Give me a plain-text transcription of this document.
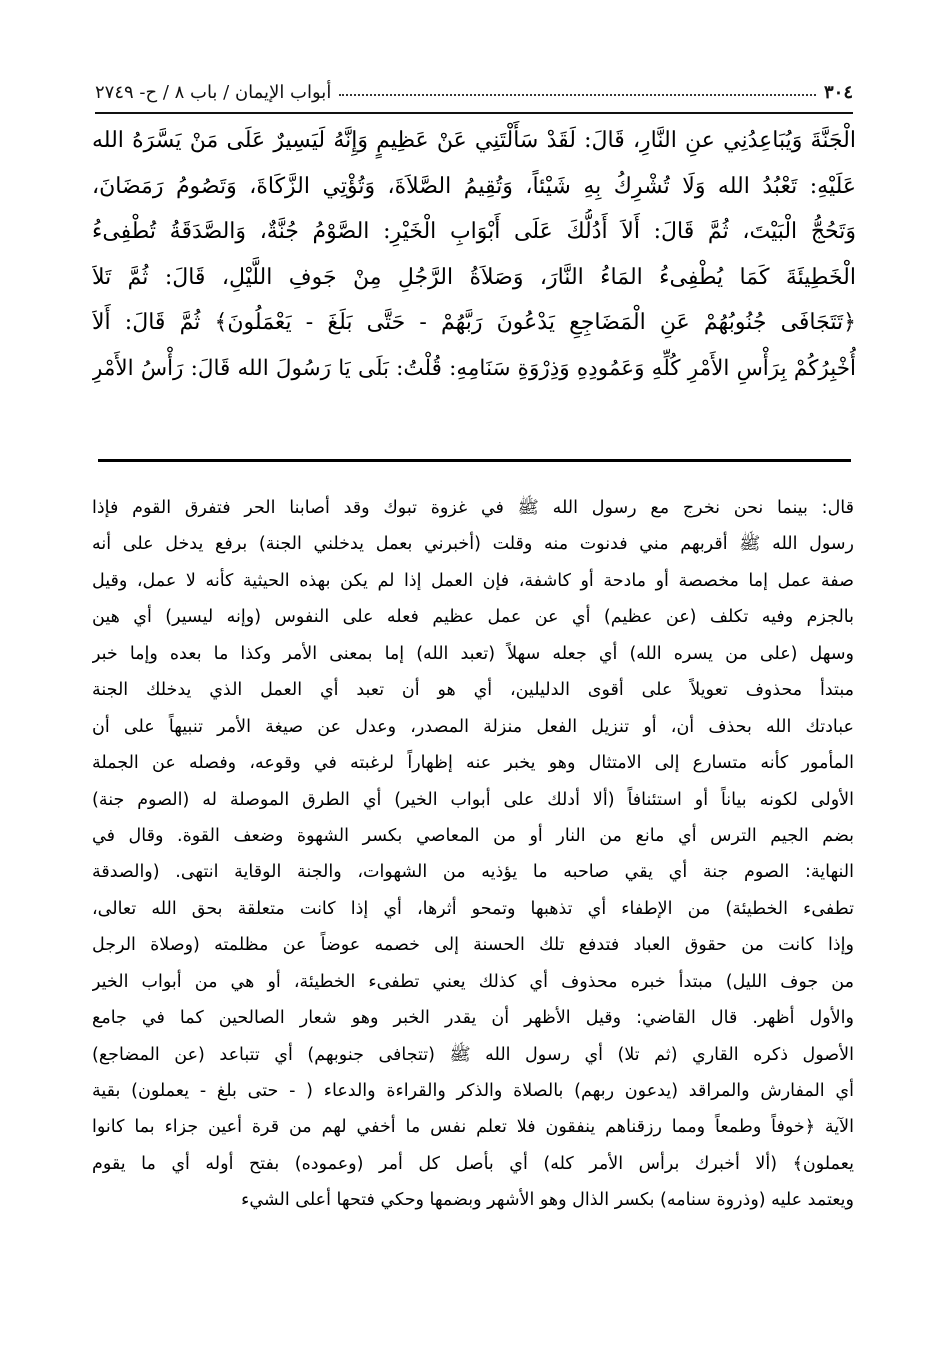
٣٠٤
أبواب الإيمان / باب ٨ / ح- ٢٧٤٩
الْجَنَّةَ وَيُبَاعِدُنِي عنِ النَّارِ، قَالَ: لَقَدْ سَأَلْتَنِي عَنْ عَظِيمٍ وَإِنَّهُ لَيَسِيرٌ عَلَى مَنْ يَسَّرَهُ الله
عَلَيْهِ: تَعْبُدُ الله وَلَا تُشْرِكُ بِهِ شَيْئاً، وَتُقِيمُ الصَّلاَةَ، وَتُؤْتِي الزَّكَاةَ، وَتَصُومُ رَمَضَانَ،
وَتَحُجُّ الْبَيْتَ، ثُمَّ قَالَ: أَلاَ أَدُلُّكَ عَلَى أَبْوَابِ الْخَيْرِ: الصَّوْمُ جُنَّةٌ، وَالصَّدَقَةُ تُطْفِىءُ
الْخَطِيئَةَ كَمَا يُطْفِىءُ المَاءُ النَّارَ، وَصَلاَةُ الرَّجُلِ مِنْ جَوفِ اللَّيْلِ، قَالَ: ثُمَّ تَلاَ
﴿تَتَجَافَى جُنُوبُهُمْ عَنِ الْمَضَاجِعِ يَدْعُونَ رَبَّهُمْ - حَتَّى بَلَغَ - يَعْمَلُونَ﴾ ثُمَّ قَالَ: أَلاَ
أُخْبِرُكُمْ بِرَأْسِ الأَمْرِ كُلِّهِ وَعَمُودِهِ وَذِرْوَةِ سَنَامِهِ: قُلْتُ: بَلَى يَا رَسُولَ الله قَالَ: رَأْسُ الأَمْرِ
قال: بينما نحن نخرج مع رسول الله ﷺ في غزوة تبوك وقد أصابنا الحر فتفرق القوم فإذا
رسول الله ﷺ أقربهم مني فدنوت منه وقلت (أخبرني بعمل يدخلني الجنة) برفع يدخل على أنه
صفة عمل إما مخصصة أو مادحة أو كاشفة، فإن العمل إذا لم يكن بهذه الحيثية كأنه لا عمل، وقيل
بالجزم وفيه تكلف (عن عظيم) أي عن عمل عظيم فعله على النفوس (وإنه ليسير) أي هين
وسهل (على من يسره الله) أي جعله سهلاً (تعبد الله) إما بمعنى الأمر وكذا ما بعده وإما خبر
مبتدأ محذوف تعويلاً على أقوى الدليلين، أي هو أن تعبد أي العمل الذي يدخلك الجنة
عبادتك الله بحذف أن، أو تنزيل الفعل منزلة المصدر، وعدل عن صيغة الأمر تنبيهاً على أن
المأمور كأنه متسارع إلى الامتثال وهو يخبر عنه إظهاراً لرغبته في وقوعه، وفصله عن الجملة
الأولى لكونه بياناً أو استئنافاً (ألا أدلك على أبواب الخير) أي الطرق الموصلة له (الصوم جنة)
بضم الجيم الترس أي مانع من النار أو من المعاصي بكسر الشهوة وضعف القوة. وقال في
النهاية: الصوم جنة أي يقي صاحبه ما يؤذيه من الشهوات، والجنة الوقاية انتهى. (والصدقة
تطفىء الخطيئة) من الإطفاء أي تذهبها وتمحو أثرها، أي إذا كانت متعلقة بحق الله تعالى،
وإذا كانت من حقوق العباد فتدفع تلك الحسنة إلى خصمه عوضاً عن مظلمته (وصلاة الرجل
من جوف الليل) مبتدأ خبره محذوف أي كذلك يعني تطفىء الخطيئة، أو هي من أبواب الخير
والأول أظهر. قال القاضي: وقيل الأظهر أن يقدر الخبر وهو شعار الصالحين كما في جامع
الأصول ذكره القاري (ثم تلا) أي رسول الله ﷺ (تتجافى جنوبهم) أي تتباعد (عن المضاجع)
أي المفارش والمراقد (يدعون ربهم) بالصلاة والذكر والقراءة والدعاء ( - حتى بلغ - يعملون) بقية
الآية ﴿خوفاً وطمعاً ومما رزقناهم ينفقون فلا تعلم نفس ما أخفي لهم من قرة أعين جزاء بما كانوا
يعملون﴾ (ألا أخبرك برأس الأمر كله) أي بأصل كل أمر (وعموده) بفتح أوله أي ما يقوم
ويعتمد عليه (وذروة سنامه) بكسر الذال وهو الأشهر وبضمها وحكي فتحها أعلى الشيء
